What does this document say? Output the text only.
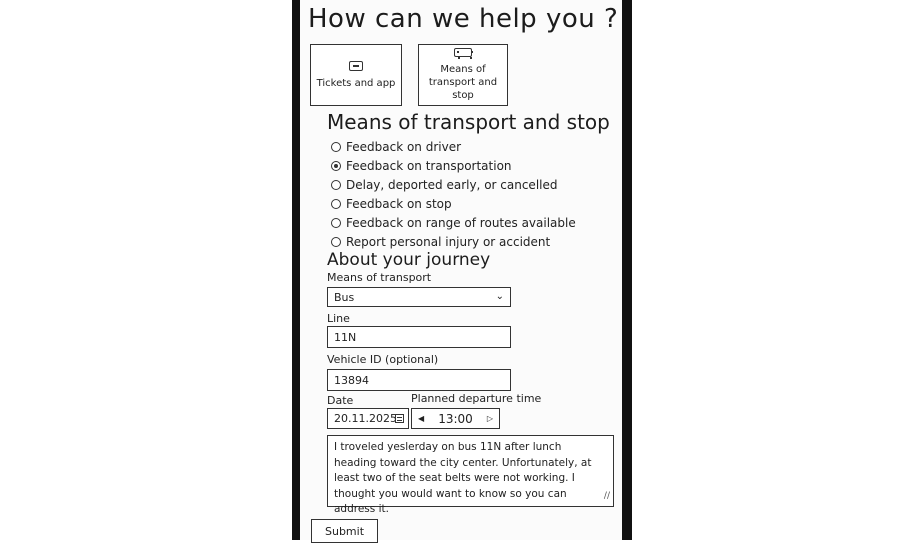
How can we help you ?
Tickets and app
Means of transport and stop
Means of transport and stop
Feedback on driver
Feedback on transportation
Delay, deported early, or cancelled
Feedback on stop
Feedback on range of routes available
Report personal injury or accident
About your journey
Means of transport
Bus	⌄
Line
11N
Vehicle ID (optional)
13894
Date	Planned departure time
20.11.2025	◀ 13:00 ▷
I troveled yeslerday on bus 11N after lunch heading toward the city center. Unfortunately, at least two of the seat belts were not working. I thought you would want to know so you can address it.
∕∕
Submit
